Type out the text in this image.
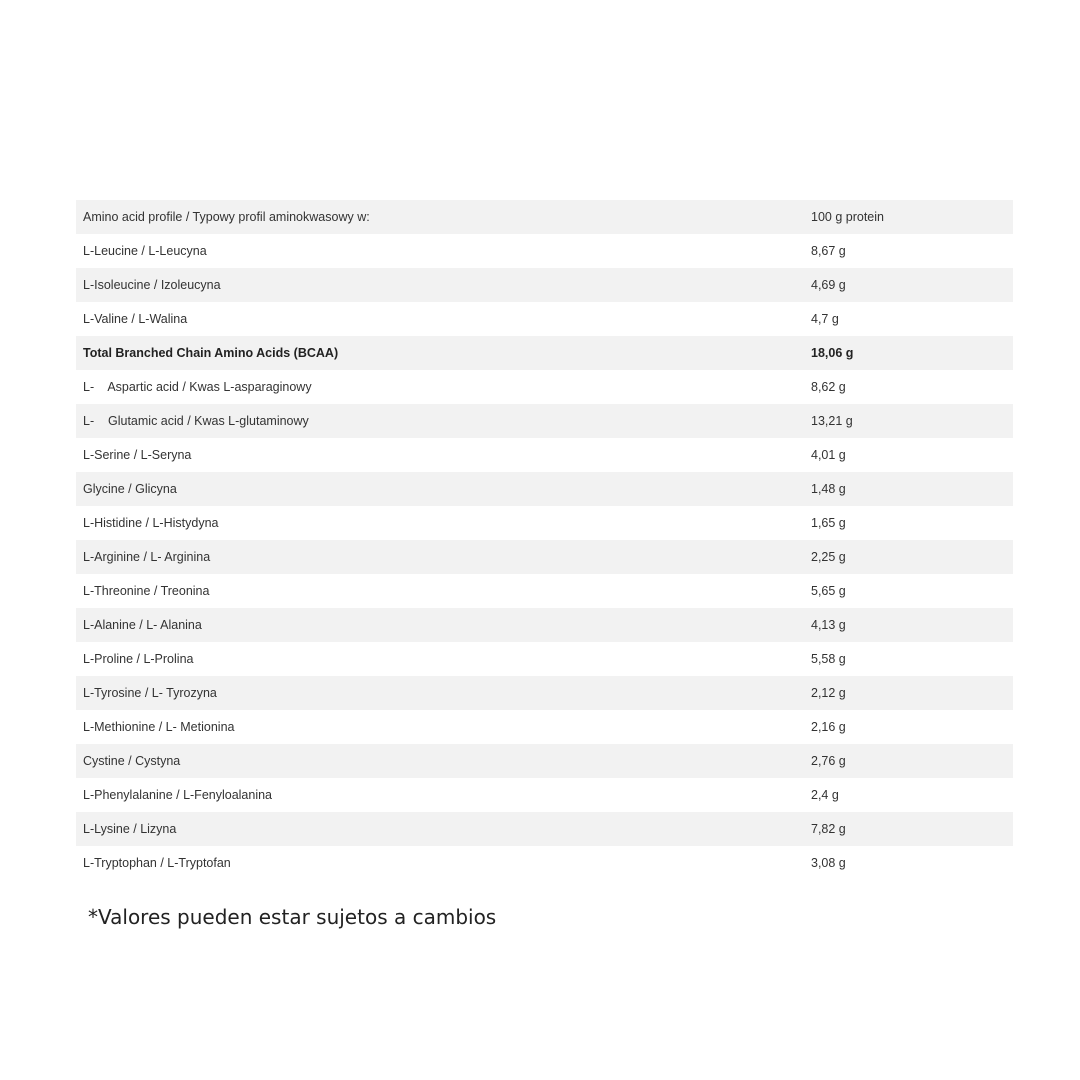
Amino acid profile / Typowy profil aminokwasowy w:	100 g protein
L-Leucine / L-Leucyna	8,67 g
L-Isoleucine / Izoleucyna	4,69 g
L-Valine / L-Walina	4,7 g
Total Branched Chain Amino Acids (BCAA)	18,06 g
L-    Aspartic acid / Kwas L-asparaginowy	8,62 g
L-    Glutamic acid / Kwas L-glutaminowy	13,21 g
L-Serine / L-Seryna	4,01 g
Glycine / Glicyna	1,48 g
L-Histidine / L-Histydyna	1,65 g
L-Arginine / L- Arginina	2,25 g
L-Threonine / Treonina	5,65 g
L-Alanine / L- Alanina	4,13 g
L-Proline / L-Prolina	5,58 g
L-Tyrosine / L- Tyrozyna	2,12 g
L-Methionine / L- Metionina	2,16 g
Cystine / Cystyna	2,76 g
L-Phenylalanine / L-Fenyloalanina	2,4 g
L-Lysine / Lizyna	7,82 g
L-Tryptophan / L-Tryptofan	3,08 g
*Valores pueden estar sujetos a cambios
